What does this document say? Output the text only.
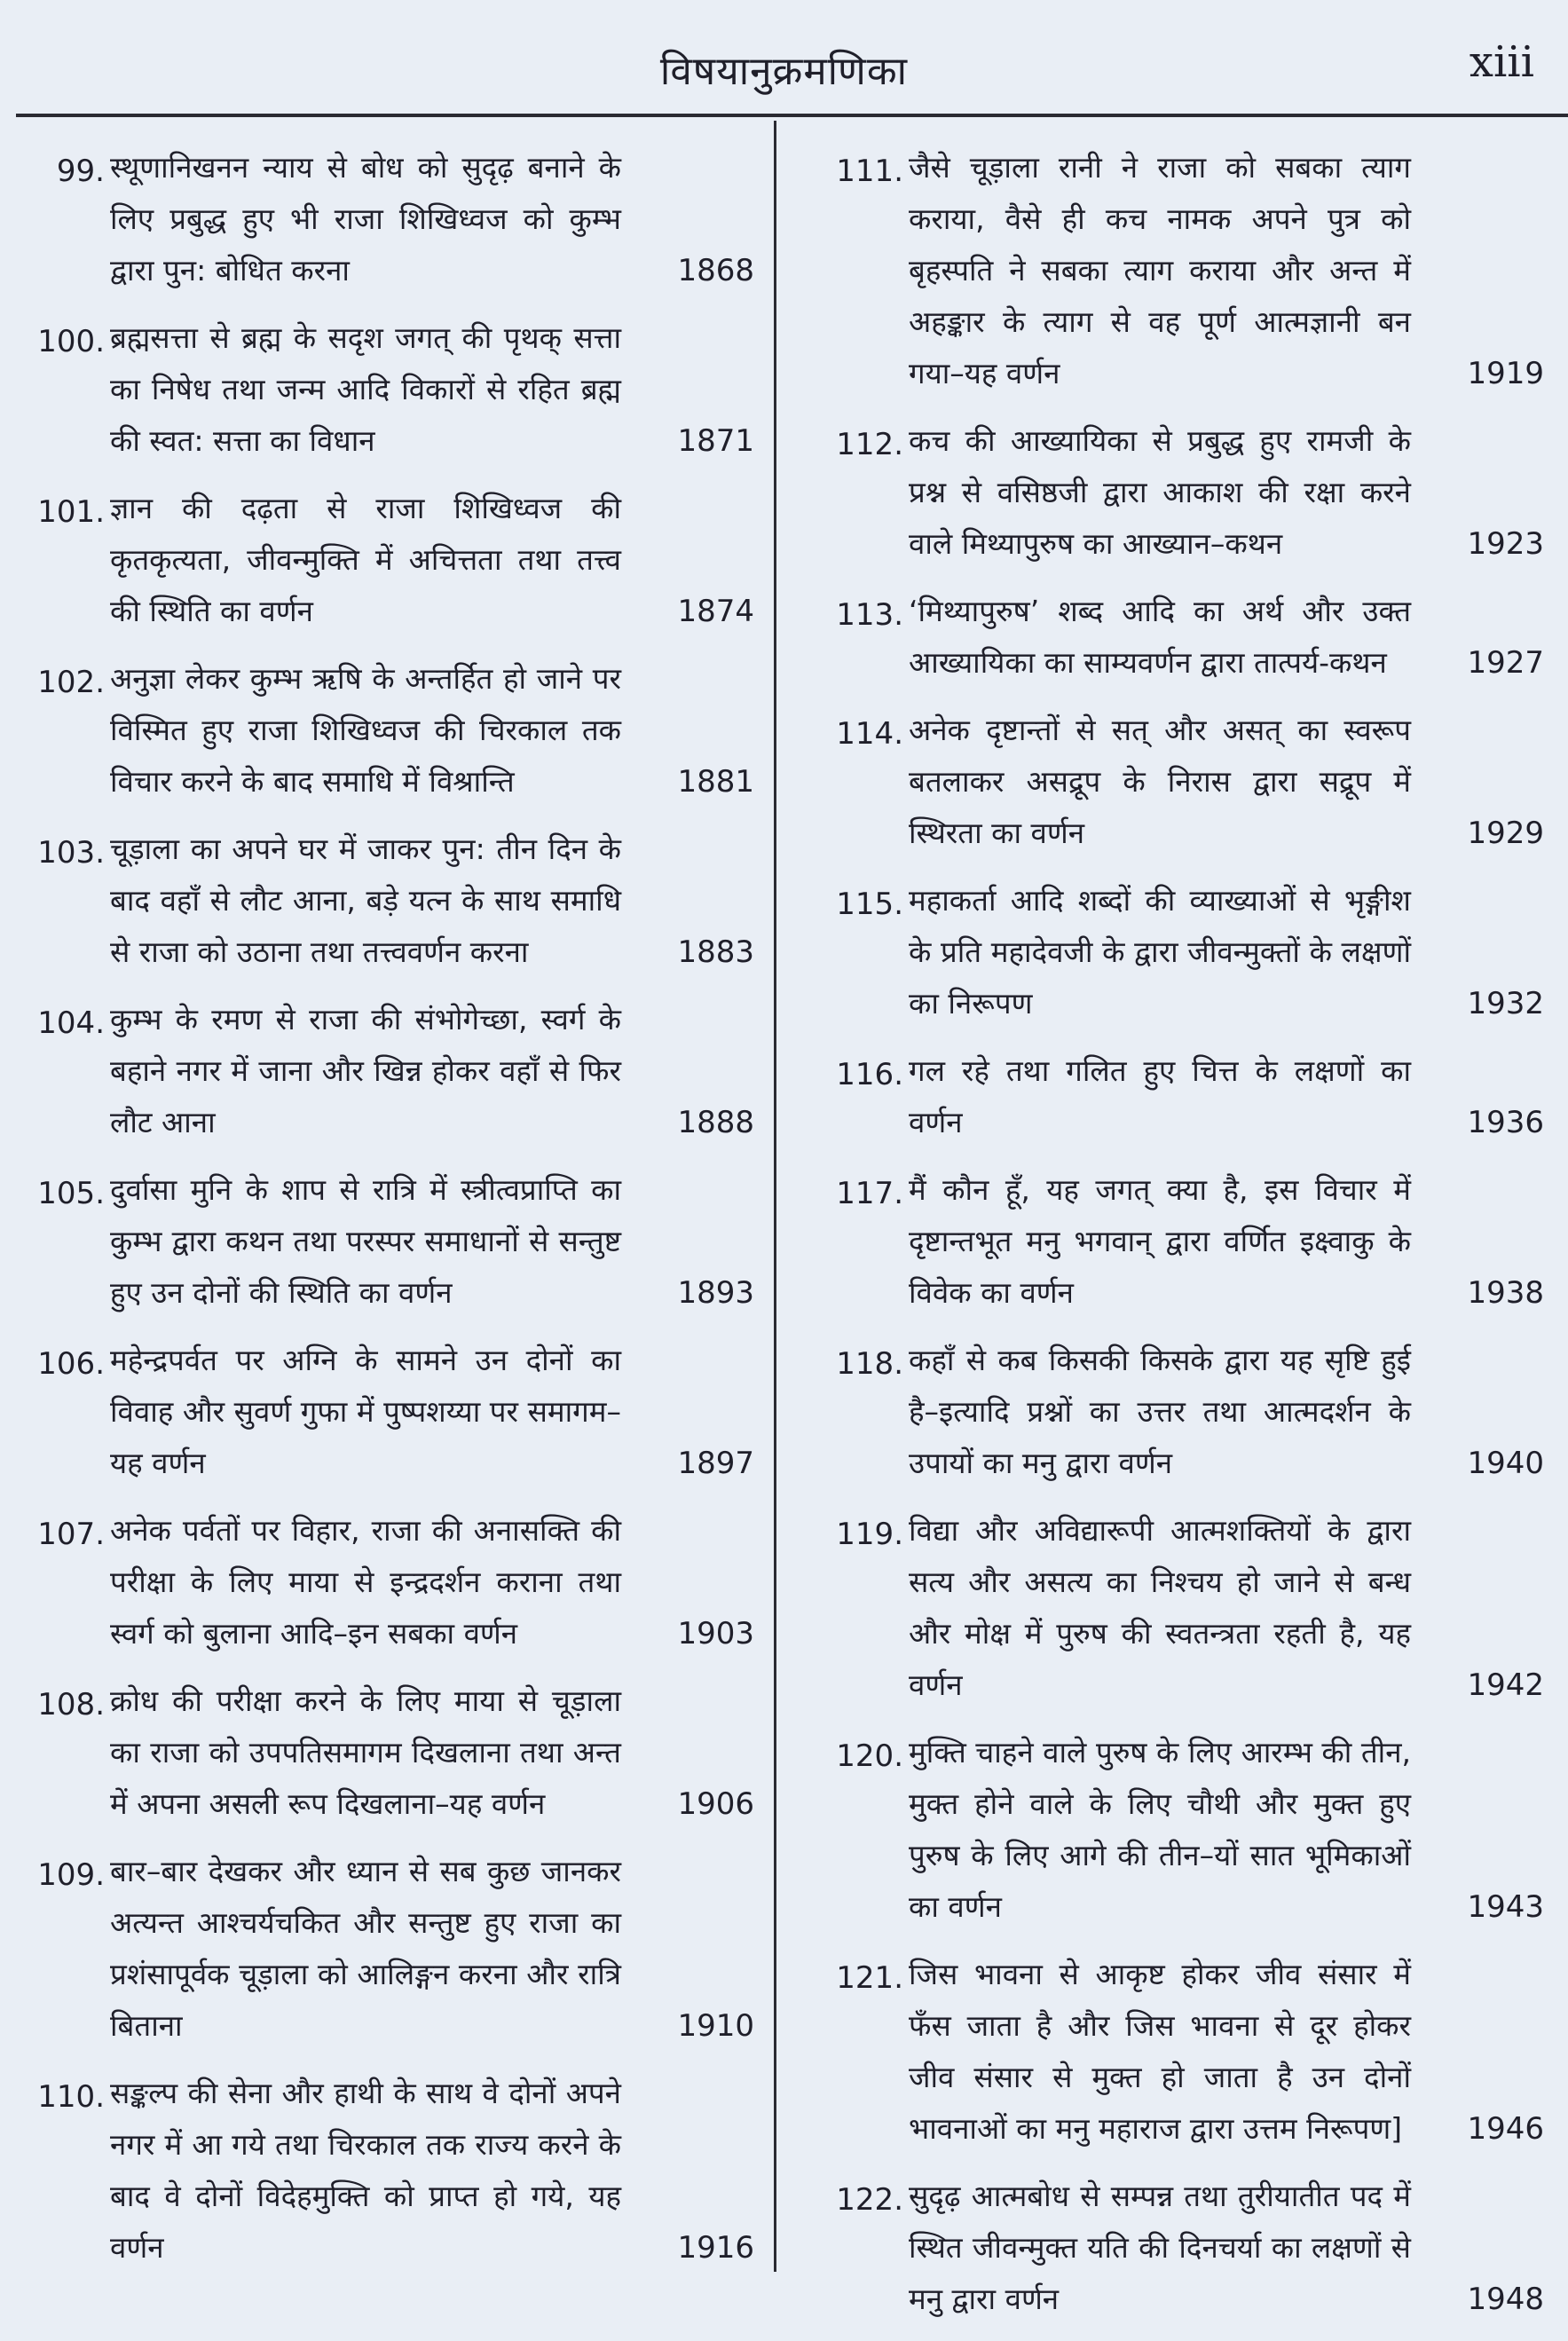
विषयानुक्रमणिका	xiii
99. स्थूणानिखनन न्याय से बोध को सुदृढ़ बनाने के लिए प्रबुद्ध हुए भी राजा शिखिध्वज को कुम्भ द्वारा पुन: बोधित करना	1868
100. ब्रह्मसत्ता से ब्रह्म के सदृश जगत् की पृथक् सत्ता का निषेध तथा जन्म आदि विकारों से रहित ब्रह्म की स्वत: सत्ता का विधान	1871
101. ज्ञान की दढ़ता से राजा शिखिध्वज की कृतकृत्यता, जीवन्मुक्ति में अचित्तता तथा तत्त्व की स्थिति का वर्णन	1874
102. अनुज्ञा लेकर कुम्भ ऋषि के अन्तर्हित हो जाने पर विस्मित हुए राजा शिखिध्वज की चिरकाल तक विचार करने के बाद समाधि में विश्रान्ति	1881
103. चूड़ाला का अपने घर में जाकर पुन: तीन दिन के बाद वहाँ से लौट आना, बड़े यत्न के साथ समाधि से राजा को उठाना तथा तत्त्ववर्णन करना	1883
104. कुम्भ के रमण से राजा की संभोगेच्छा, स्वर्ग के बहाने नगर में जाना और खिन्न होकर वहाँ से फिर लौट आना	1888
105. दुर्वासा मुनि के शाप से रात्रि में स्त्रीत्वप्राप्ति का कुम्भ द्वारा कथन तथा परस्पर समाधानों से सन्तुष्ट हुए उन दोनों की स्थिति का वर्णन	1893
106. महेन्द्रपर्वत पर अग्नि के सामने उन दोनों का विवाह और सुवर्ण गुफा में पुष्पशय्या पर समागम–यह वर्णन	1897
107. अनेक पर्वतों पर विहार, राजा की अनासक्ति की परीक्षा के लिए माया से इन्द्रदर्शन कराना तथा स्वर्ग को बुलाना आदि–इन सबका वर्णन	1903
108. क्रोध की परीक्षा करने के लिए माया से चूड़ाला का राजा को उपपतिसमागम दिखलाना तथा अन्त में अपना असली रूप दिखलाना–यह वर्णन	1906
109. बार–बार देखकर और ध्यान से सब कुछ जानकर अत्यन्त आश्चर्यचकित और सन्तुष्ट हुए राजा का प्रशंसापूर्वक चूड़ाला को आलिङ्गन करना और रात्रि बिताना	1910
110. सङ्कल्प की सेना और हाथी के साथ वे दोनों अपने नगर में आ गये तथा चिरकाल तक राज्य करने के बाद वे दोनों विदेहमुक्ति को प्राप्त हो गये, यह वर्णन	1916
111. जैसे चूड़ाला रानी ने राजा को सबका त्याग कराया, वैसे ही कच नामक अपने पुत्र को बृहस्पति ने सबका त्याग कराया और अन्त में अहङ्कार के त्याग से वह पूर्ण आत्मज्ञानी बन गया–यह वर्णन	1919
112. कच की आख्यायिका से प्रबुद्ध हुए रामजी के प्रश्न से वसिष्ठजी द्वारा आकाश की रक्षा करने वाले मिथ्यापुरुष का आख्यान–कथन	1923
113. ‘मिथ्यापुरुष’ शब्द आदि का अर्थ और उक्त आख्यायिका का साम्यवर्णन द्वारा तात्पर्य-कथन	1927
114. अनेक दृष्टान्तों से सत् और असत् का स्वरूप बतलाकर असद्रूप के निरास द्वारा सद्रूप में स्थिरता का वर्णन	1929
115. महाकर्ता आदि शब्दों की व्याख्याओं से भृङ्गीश के प्रति महादेवजी के द्वारा जीवन्मुक्तों के लक्षणों का निरूपण	1932
116. गल रहे तथा गलित हुए चित्त के लक्षणों का वर्णन	1936
117. मैं कौन हूँ, यह जगत् क्या है, इस विचार में दृष्टान्तभूत मनु भगवान् द्वारा वर्णित इक्ष्वाकु के विवेक का वर्णन	1938
118. कहाँ से कब किसकी किसके द्वारा यह सृष्टि हुई है–इत्यादि प्रश्नों का उत्तर तथा आत्मदर्शन के उपायों का मनु द्वारा वर्णन	1940
119. विद्या और अविद्यारूपी आत्मशक्तियों के द्वारा सत्य और असत्य का निश्चय हो जाने से बन्ध और मोक्ष में पुरुष की स्वतन्त्रता रहती है, यह वर्णन	1942
120. मुक्ति चाहने वाले पुरुष के लिए आरम्भ की तीन, मुक्त होने वाले के लिए चौथी और मुक्त हुए पुरुष के लिए आगे की तीन–यों सात भूमिकाओं का वर्णन	1943
121. जिस भावना से आकृष्ट होकर जीव संसार में फँस जाता है और जिस भावना से दूर होकर जीव संसार से मुक्त हो जाता है उन दोनों भावनाओं का मनु महाराज द्वारा उत्तम निरूपण]	1946
122. सुदृढ़ आत्मबोध से सम्पन्न तथा तुरीयातीत पद में स्थित जीवन्मुक्त यति की दिनचर्या का लक्षणों से मनु द्वारा वर्णन	1948
